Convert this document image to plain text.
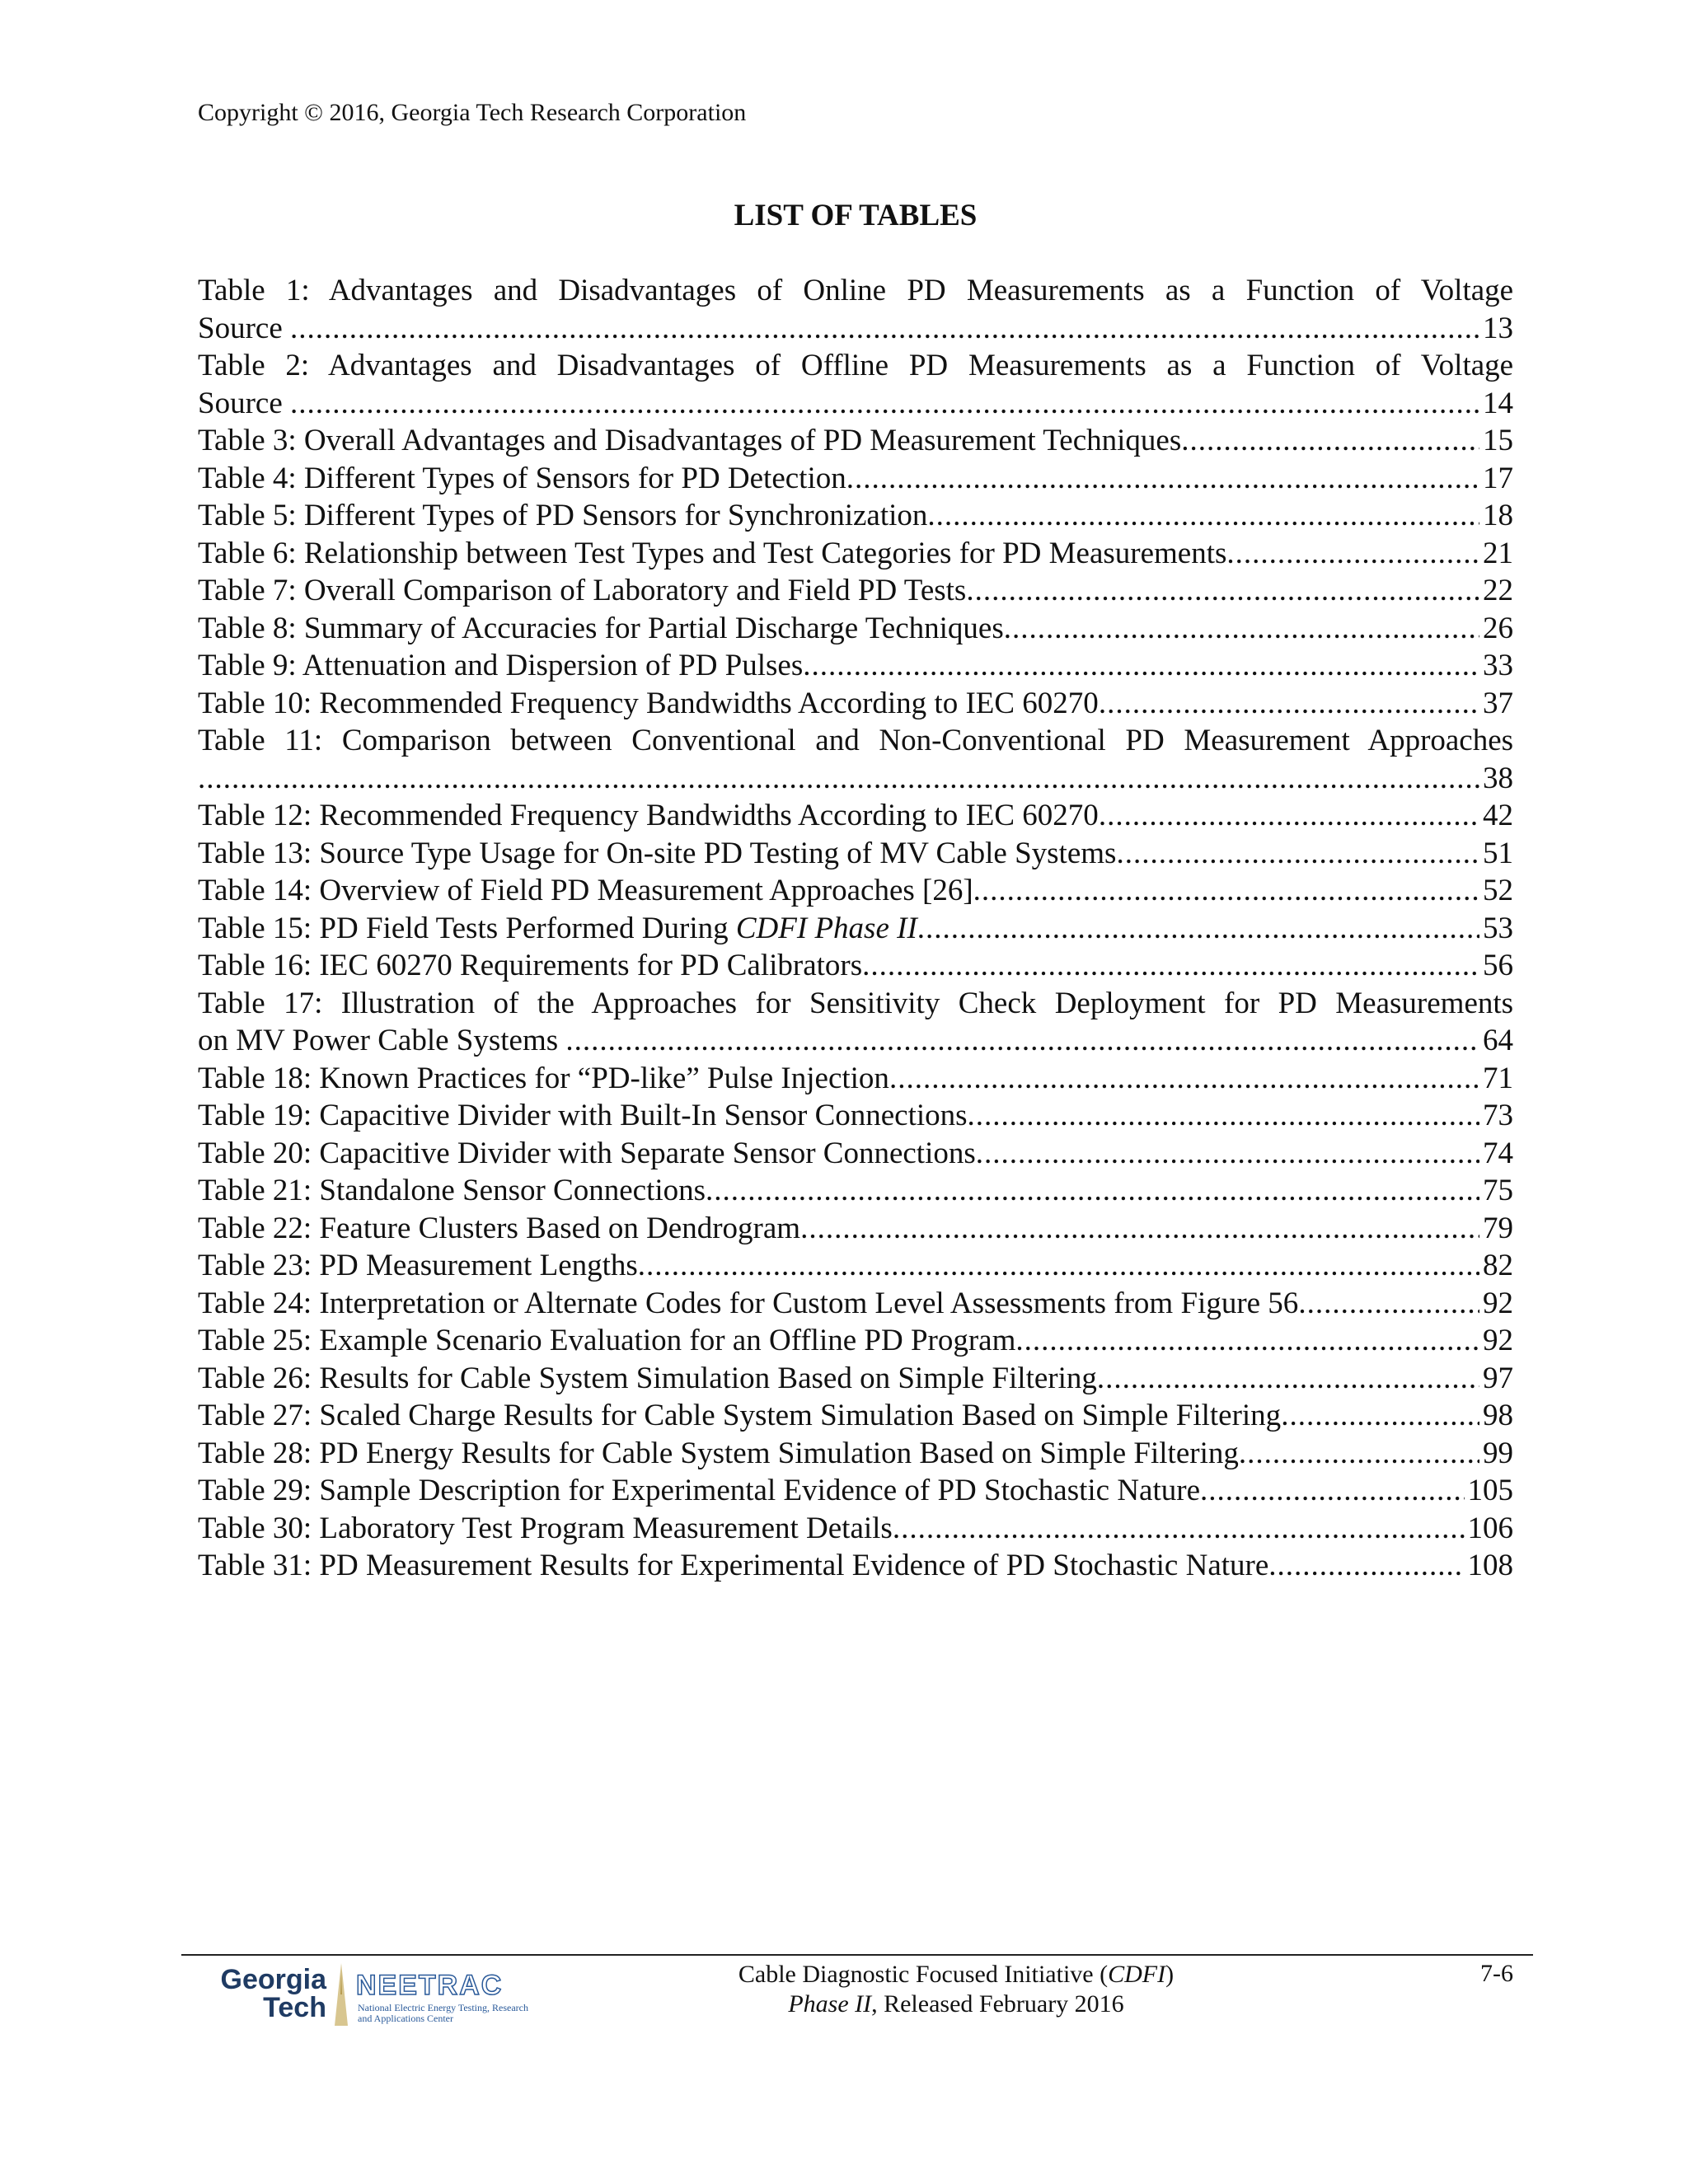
Copyright © 2016, Georgia Tech Research Corporation
LIST OF TABLES
Table 1: Advantages and Disadvantages of Online PD Measurements as a Function of Voltage
Source
.....	13
Table 2: Advantages and Disadvantages of Offline PD Measurements as a Function of Voltage
Source
.....	14
Table 3: Overall Advantages and Disadvantages of PD Measurement Techniques .....	15
Table 4: Different Types of Sensors for PD Detection .....	17
Table 5: Different Types of PD Sensors for Synchronization .....	18
Table 6: Relationship between Test Types and Test Categories for PD Measurements .....	21
Table 7: Overall Comparison of Laboratory and Field PD Tests .....	22
Table 8: Summary of Accuracies for Partial Discharge Techniques .....	26
Table 9: Attenuation and Dispersion of PD Pulses .....	33
Table 10: Recommended Frequency Bandwidths According to IEC 60270 .....	37
Table 11: Comparison between Conventional and Non-Conventional PD Measurement Approaches
.....
38
Table 12: Recommended Frequency Bandwidths According to IEC 60270 .....	42
Table 13: Source Type Usage for On-site PD Testing of MV Cable Systems .....	51
Table 14: Overview of Field PD Measurement Approaches [26] .....	52
Table 15: PD Field Tests Performed During CDFI Phase II .....	53
Table 16: IEC 60270 Requirements for PD Calibrators .....	56
Table 17: Illustration of the Approaches for Sensitivity Check Deployment for PD Measurements
on MV Power Cable Systems
.....	64
Table 18: Known Practices for “PD-like” Pulse Injection .....	71
Table 19: Capacitive Divider with Built-In Sensor Connections .....	73
Table 20: Capacitive Divider with Separate Sensor Connections .....	74
Table 21: Standalone Sensor Connections .....	75
Table 22: Feature Clusters Based on Dendrogram .....	79
Table 23: PD Measurement Lengths .....	82
Table 24: Interpretation or Alternate Codes for Custom Level Assessments from Figure 56 .....	92
Table 25: Example Scenario Evaluation for an Offline PD Program .....	92
Table 26: Results for Cable System Simulation Based on Simple Filtering .....	97
Table 27: Scaled Charge Results for Cable System Simulation Based on Simple Filtering .....	98
Table 28: PD Energy Results for Cable System Simulation Based on Simple Filtering .....	99
Table 29: Sample Description for Experimental Evidence of PD Stochastic Nature .....	105
Table 30: Laboratory Test Program Measurement Details .....	106
Table 31: PD Measurement Results for Experimental Evidence of PD Stochastic Nature .....	108
Georgia
Tech
NEETRAC
National Electric Energy Testing, Research
and Applications Center
Cable Diagnostic Focused Initiative (CDFI)
Phase II, Released February 2016
7-6
